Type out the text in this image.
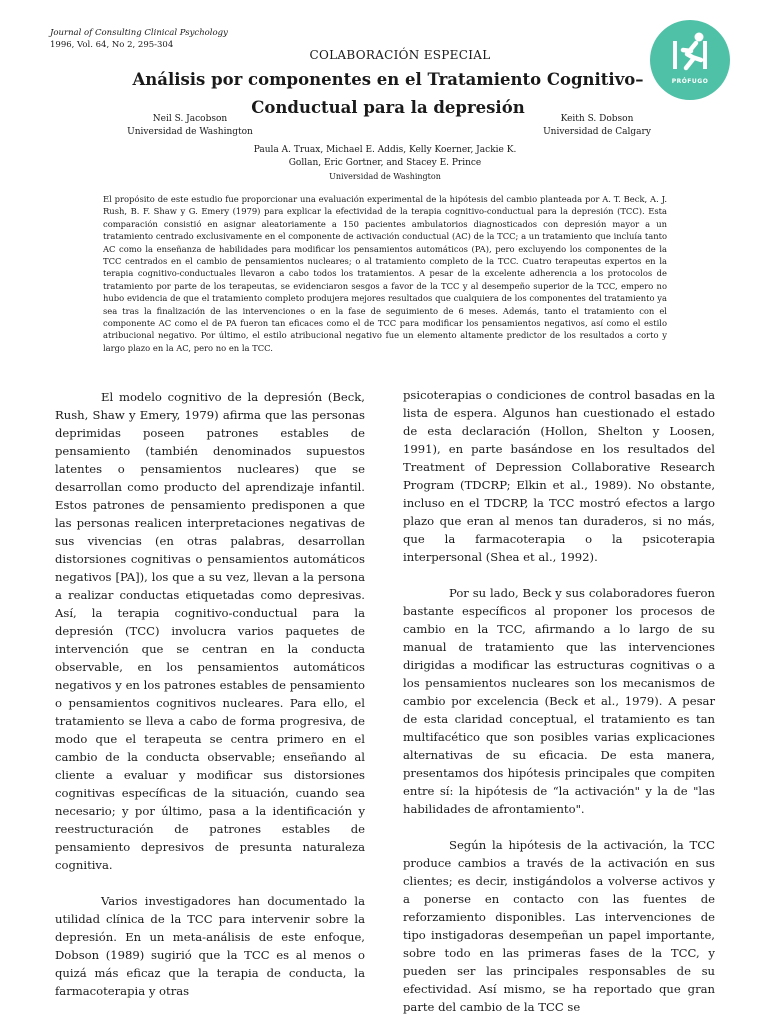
Journal of Consulting Clinical Psychology
1996, Vol. 64, No 2, 295-304
PRÓFUGO
COLABORACIÓN ESPECIAL
Análisis por componentes en el Tratamiento Cognitivo–Conductual para la depresión
Neil S. Jacobson
Universidad de Washington
Keith S. Dobson
Universidad de Calgary
Paula A. Truax, Michael E. Addis, Kelly Koerner, Jackie K. Gollan, Eric Gortner, and Stacey E. Prince
Universidad de Washington
El propósito de este estudio fue proporcionar una evaluación experimental de la hipótesis del cambio planteada por A. T. Beck, A. J. Rush, B. F. Shaw y G. Emery (1979) para explicar la efectividad de la terapia cognitivo-conductual para la depresión (TCC). Esta comparación consistió en asignar aleatoriamente a 150 pacientes ambulatorios diagnosticados con depresión mayor a un tratamiento centrado exclusivamente en el componente de activación conductual (AC) de la TCC; a un tratamiento que incluía tanto AC como la enseñanza de habilidades para modificar los pensamientos automáticos (PA), pero excluyendo los componentes de la TCC centrados en el cambio de pensamientos nucleares; o al tratamiento completo de la TCC. Cuatro terapeutas expertos en la terapia cognitivo-conductuales llevaron a cabo todos los tratamientos. A pesar de la excelente adherencia a los protocolos de tratamiento por parte de los terapeutas, se evidenciaron sesgos a favor de la TCC y al desempeño superior de la TCC, empero no hubo evidencia de que el tratamiento completo produjera mejores resultados que cualquiera de los componentes del tratamiento ya sea tras la finalización de las intervenciones o en la fase de seguimiento de 6 meses. Además, tanto el tratamiento con el componente AC como el de PA fueron tan eficaces como el de TCC para modificar los pensamientos negativos, así como el estilo atribucional negativo. Por último, el estilo atribucional negativo fue un elemento altamente predictor de los resultados a corto y largo plazo en la AC, pero no en la TCC.

El modelo cognitivo de la depresión (Beck, Rush, Shaw y Emery, 1979) afirma que las personas deprimidas poseen patrones estables de pensamiento (también denominados supuestos latentes o pensamientos nucleares) que se desarrollan como producto del aprendizaje infantil. Estos patrones de pensamiento predisponen a que las personas realicen interpretaciones negativas de sus vivencias (en otras palabras, desarrollan distorsiones cognitivas o pensamientos automáticos negativos [PA]), los que a su vez, llevan a la persona a realizar conductas etiquetadas como depresivas. Así, la terapia cognitivo-conductual para la depresión (TCC) involucra varios paquetes de intervención que se centran en la conducta observable, en los pensamientos automáticos negativos y en los patrones estables de pensamiento o pensamientos cognitivos nucleares. Para ello, el tratamiento se lleva a cabo de forma progresiva, de modo que el terapeuta se centra primero en el cambio de la conducta observable; enseñando al cliente a evaluar y modificar sus distorsiones cognitivas específicas de la situación, cuando sea necesario; y por último, pasa a la identificación y reestructuración de patrones estables de pensamiento depresivos de presunta naturaleza cognitiva.

Varios investigadores han documentado la utilidad clínica de la TCC para intervenir sobre la depresión. En un meta-análisis de este enfoque, Dobson (1989) sugirió que la TCC es al menos o quizá más eficaz que la terapia de conducta, la farmacoterapia y otras

psicoterapias o condiciones de control basadas en la lista de espera. Algunos han cuestionado el estado de esta declaración (Hollon, Shelton y Loosen, 1991), en parte basándose en los resultados del Treatment of Depression Collaborative Research Program (TDCRP; Elkin et al., 1989). No obstante, incluso en el TDCRP, la TCC mostró efectos a largo plazo que eran al menos tan duraderos, si no más, que la farmacoterapia o la psicoterapia interpersonal (Shea et al., 1992).

Por su lado, Beck y sus colaboradores fueron bastante específicos al proponer los procesos de cambio en la TCC, afirmando a lo largo de su manual de tratamiento que las intervenciones dirigidas a modificar las estructuras cognitivas o a los pensamientos nucleares son los mecanismos de cambio por excelencia (Beck et al., 1979). A pesar de esta claridad conceptual, el tratamiento es tan multifacético que son posibles varias explicaciones alternativas de su eficacia. De esta manera, presentamos dos hipótesis principales que compiten entre sí: la hipótesis de “la activación" y la de "las habilidades de afrontamiento".

Según la hipótesis de la activación, la TCC produce cambios a través de la activación en sus clientes; es decir, instigándolos a volverse activos y a ponerse en contacto con las fuentes de reforzamiento disponibles. Las intervenciones de tipo instigadoras desempeñan un papel importante, sobre todo en las primeras fases de la TCC, y pueden ser las principales responsables de su efectividad. Así mismo, se ha reportado que gran parte del cambio de la TCC se
